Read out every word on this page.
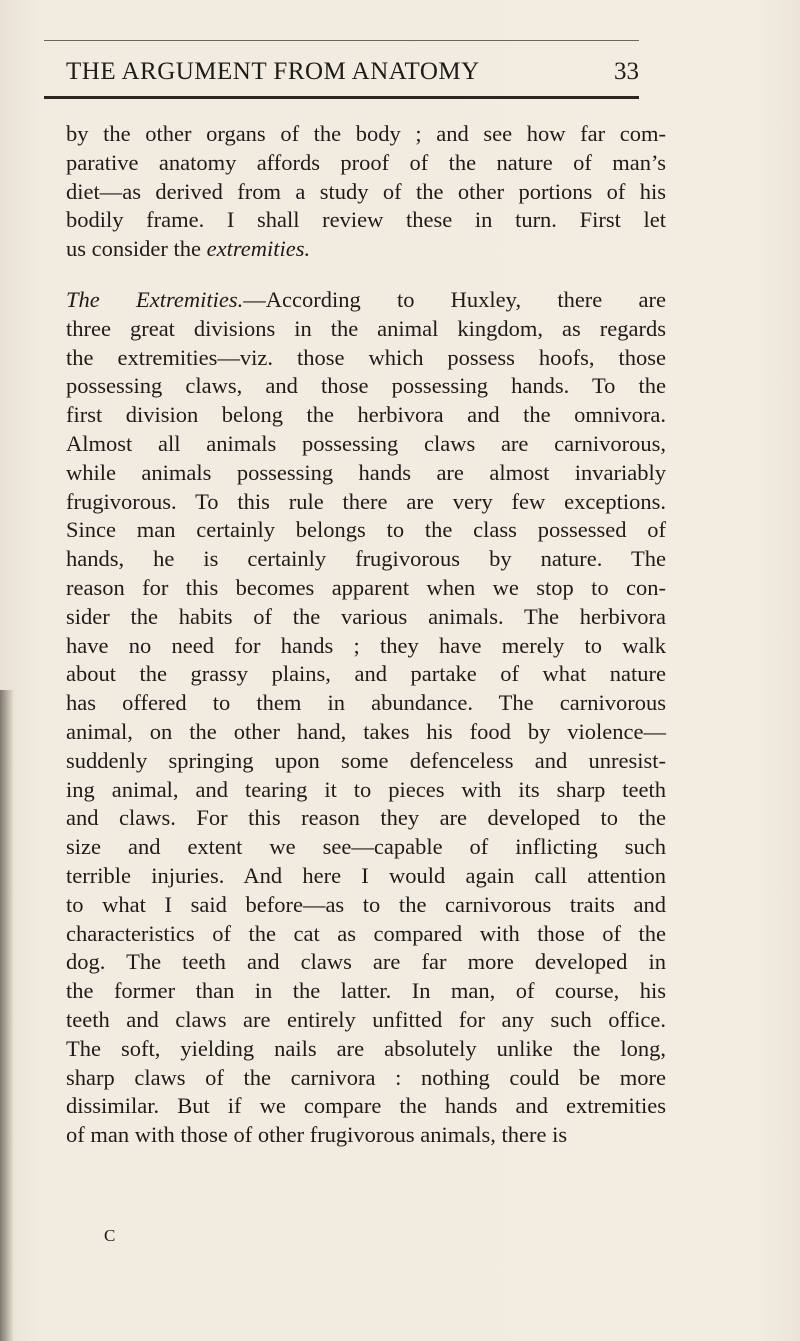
THE ARGUMENT FROM ANATOMY	33

by the other organs of the body ; and see how far com-
parative anatomy affords proof of the nature of man’s
diet—as derived from a study of the other portions of his
bodily frame. I shall review these in turn. First let
us consider the extremities.

The Extremities.—According to Huxley, there are
three great divisions in the animal kingdom, as regards
the extremities—viz. those which possess hoofs, those
possessing claws, and those possessing hands. To the
first division belong the herbivora and the omnivora.
Almost all animals possessing claws are carnivorous,
while animals possessing hands are almost invariably
frugivorous. To this rule there are very few exceptions.
Since man certainly belongs to the class possessed of
hands, he is certainly frugivorous by nature. The
reason for this becomes apparent when we stop to con-
sider the habits of the various animals. The herbivora
have no need for hands ; they have merely to walk
about the grassy plains, and partake of what nature
has offered to them in abundance. The carnivorous
animal, on the other hand, takes his food by violence—
suddenly springing upon some defenceless and unresist-
ing animal, and tearing it to pieces with its sharp teeth
and claws. For this reason they are developed to the
size and extent we see—capable of inflicting such
terrible injuries. And here I would again call attention
to what I said before—as to the carnivorous traits and
characteristics of the cat as compared with those of the
dog. The teeth and claws are far more developed in
the former than in the latter. In man, of course, his
teeth and claws are entirely unfitted for any such office.
The soft, yielding nails are absolutely unlike the long,
sharp claws of the carnivora : nothing could be more
dissimilar. But if we compare the hands and extremities
of man with those of other frugivorous animals, there is

C
